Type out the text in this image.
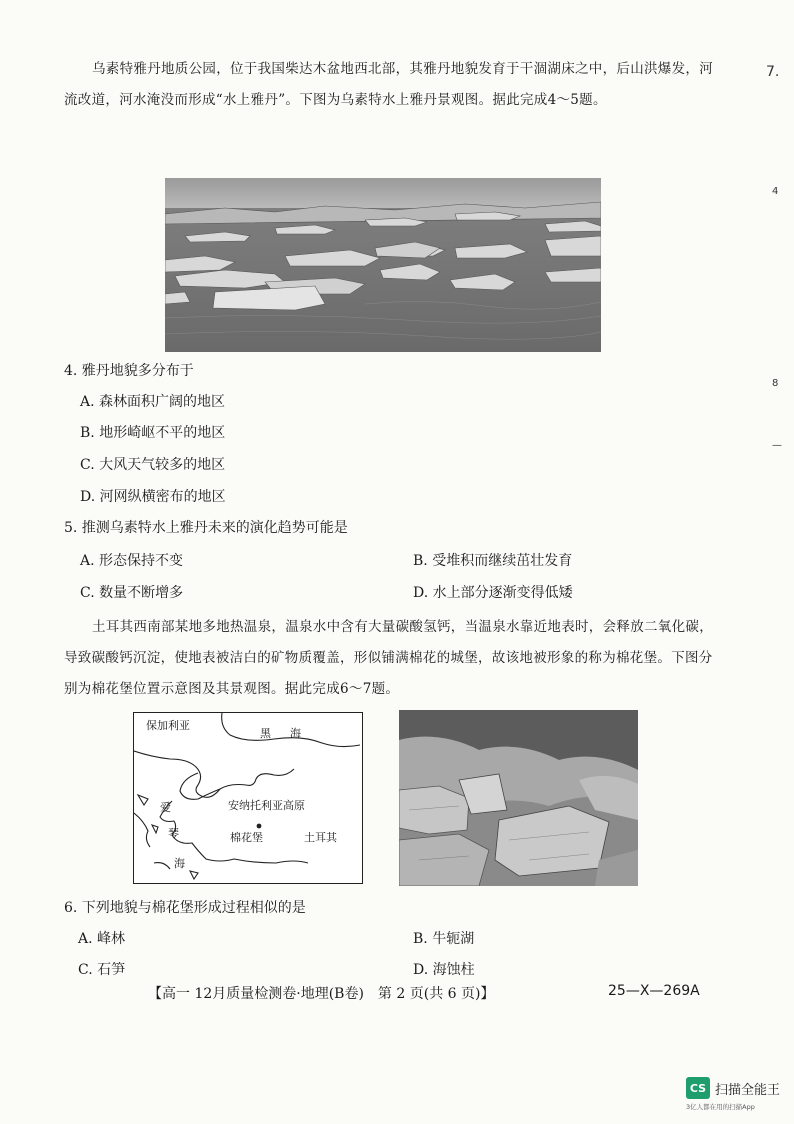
乌素特雅丹地质公园，位于我国柴达木盆地西北部，其雅丹地貌发育于干涸湖床之中，后山洪爆发，河流改道，河水淹没而形成“水上雅丹”。下图为乌素特水上雅丹景观图。据此完成4～5题。

4. 雅丹地貌多分布于

A. 森林面积广阔的地区

B. 地形崎岖不平的地区

C. 大风天气较多的地区

D. 河网纵横密布的地区

5. 推测乌素特水上雅丹未来的演化趋势可能是

A. 形态保持不变	B. 受堆积而继续茁壮发育

C. 数量不断增多	D. 水上部分逐渐变得低矮

土耳其西南部某地多地热温泉，温泉水中含有大量碳酸氢钙，当温泉水靠近地表时，会释放二氧化碳，导致碳酸钙沉淀，使地表被洁白的矿物质覆盖，形似铺满棉花的城堡，故该地被形象的称为棉花堡。下图分别为棉花堡位置示意图及其景观图。据此完成6～7题。

保加利亚
黑 海
安纳托利亚高原
爱
琴
海
棉花堡	土耳其

6. 下列地貌与棉花堡形成过程相似的是

A. 峰林	B. 牛轭湖

C. 石笋	D. 海蚀柱

【高一 12月质量检测卷·地理(B卷)　第 2 页(共 6 页)】	25—X—269A
7.
4
8
—
CS 扫描全能王
3亿人都在用的扫描App
